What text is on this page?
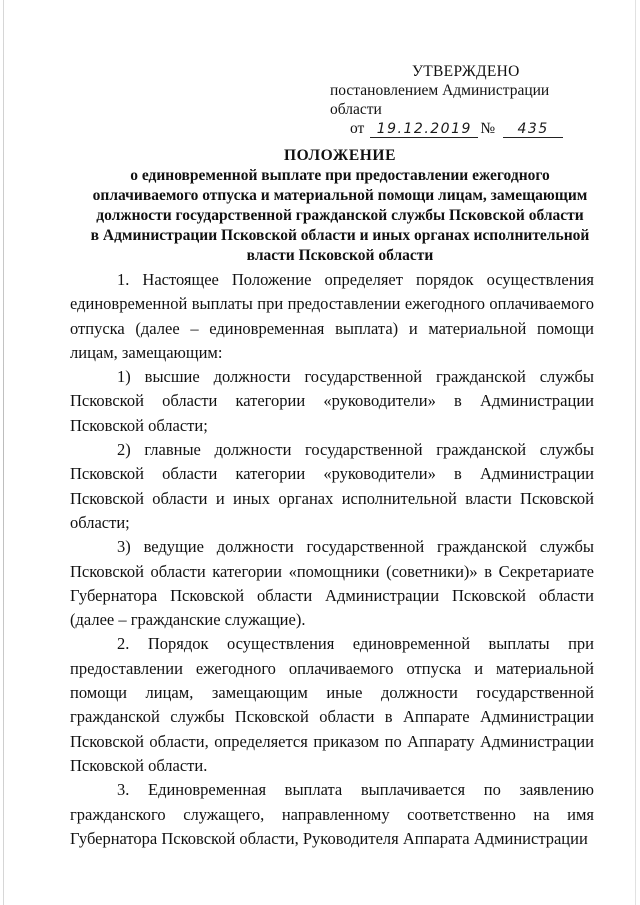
УТВЕРЖДЕНО
постановлением Администрации области
от 19.12.2019 №	435
ПОЛОЖЕНИЕ
о единовременной выплате при предоставлении ежегодного
оплачиваемого отпуска и материальной помощи лицам, замещающим
должности государственной гражданской службы Псковской области
в Администрации Псковской области и иных органах исполнительной
власти Псковской области

1. Настоящее Положение определяет порядок осуществления единовременной выплаты при предоставлении ежегодного оплачиваемого отпуска (далее – единовременная выплата) и материальной помощи лицам, замещающим:

1) высшие должности государственной гражданской службы Псковской области категории «руководители» в Администрации Псковской области;

2) главные должности государственной гражданской службы Псковской области категории «руководители» в Администрации Псковской области и иных органах исполнительной власти Псковской области;

3) ведущие должности государственной гражданской службы Псковской области категории «помощники (советники)» в Секретариате Губернатора Псковской области Администрации Псковской области (далее – гражданские служащие).

2. Порядок осуществления единовременной выплаты при предоставлении ежегодного оплачиваемого отпуска и материальной помощи лицам, замещающим иные должности государственной гражданской службы Псковской области в Аппарате Администрации Псковской области, определяется приказом по Аппарату Администрации Псковской области.

3. Единовременная выплата выплачивается по заявлению гражданского служащего, направленному соответственно на имя Губернатора Псковской области, Руководителя Аппарата Администрации
